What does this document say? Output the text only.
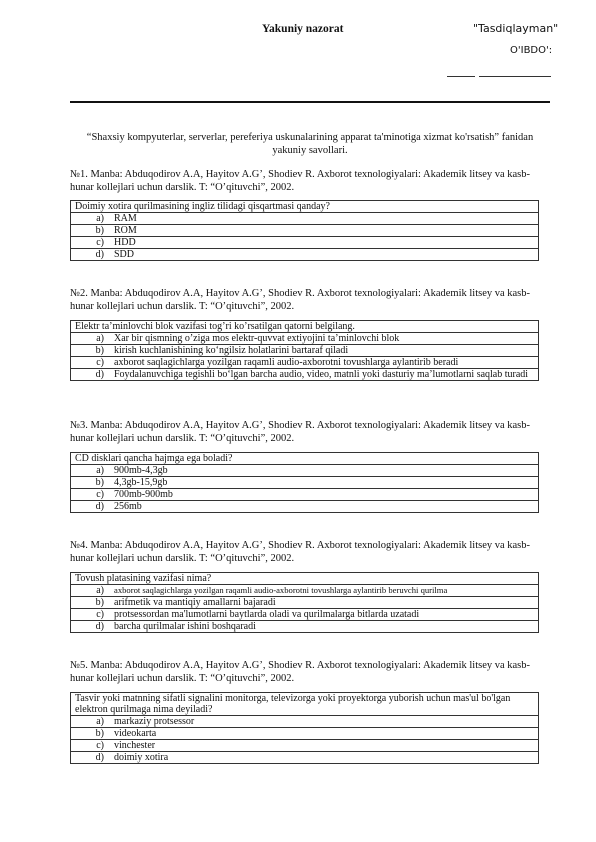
Yakuniy nazorat	"Tasdiqlayman"
O'IBDO':
“Shaxsiy kompyuterlar, serverlar, pereferiya uskunalarining apparat ta'minotiga xizmat ko'rsatish” fanidan yakuniy savollari.
№1. Manba: Abduqodirov A.A, Hayitov A.G’, Shodiev R. Axborot texnologiyalari: Akademik litsey va kasb-hunar kollejlari uchun darslik. T: “O’qituvchi”, 2002.
Doimiy xotira qurilmasining ingliz tilidagi qisqartmasi qanday?	
a)	RAM
b)	ROM
c)	HDD
d)	SDD
№2. Manba: Abduqodirov A.A, Hayitov A.G’, Shodiev R. Axborot texnologiyalari: Akademik litsey va kasb-hunar kollejlari uchun darslik. T: “O’qituvchi”, 2002.
Elektr ta’minlovchi blok vazifasi tog’ri ko’rsatilgan qatorni belgilang.	
a)	Xar bir qismning o’ziga mos elektr-quvvat extiyojini ta’minlovchi blok
b)	kirish kuchlanishining ko‘ngilsiz holatlarini bartaraf qiladi
c)	axborot saqlagichlarga yozilgan raqamli audio-axborotni tovushlarga aylantirib beradi
d)	Foydalanuvchiga tegishli bo‘lgan barcha audio, video, matnli yoki dasturiy ma’lumotlarni saqlab turadi
№3. Manba: Abduqodirov A.A, Hayitov A.G’, Shodiev R. Axborot texnologiyalari: Akademik litsey va kasb-hunar kollejlari uchun darslik. T: “O’qituvchi”, 2002.
CD disklari qancha hajmga ega boladi?	
a)	900mb-4,3gb
b)	4,3gb-15,9gb
c)	700mb-900mb
d)	256mb
№4. Manba: Abduqodirov A.A, Hayitov A.G’, Shodiev R. Axborot texnologiyalari: Akademik litsey va kasb-hunar kollejlari uchun darslik. T: “O’qituvchi”, 2002.
Tovush platasining vazifasi nima?	
a)	axborot saqlagichlarga yozilgan raqamli audio-axborotni tovushlarga aylantirib beruvchi qurilma
b)	arifmetik va mantiqiy amallarni bajaradi
c)	protsessordan ma'lumotlarni baytlarda oladi va qurilmalarga bitlarda uzatadi
d)	barcha qurilmalar ishini boshqaradi
№5. Manba: Abduqodirov A.A, Hayitov A.G’, Shodiev R. Axborot texnologiyalari: Akademik litsey va kasb-hunar kollejlari uchun darslik. T: “O’qituvchi”, 2002.
Tasvir yoki matnning sifatli signalini monitorga, televizorga yoki proyektorga yuborish uchun mas'ul bo'lgan elektron qurilmaga nima deyiladi?	
a)	markaziy protsessor
b)	videokarta
c)	vinchester
d)	doimiy xotira
